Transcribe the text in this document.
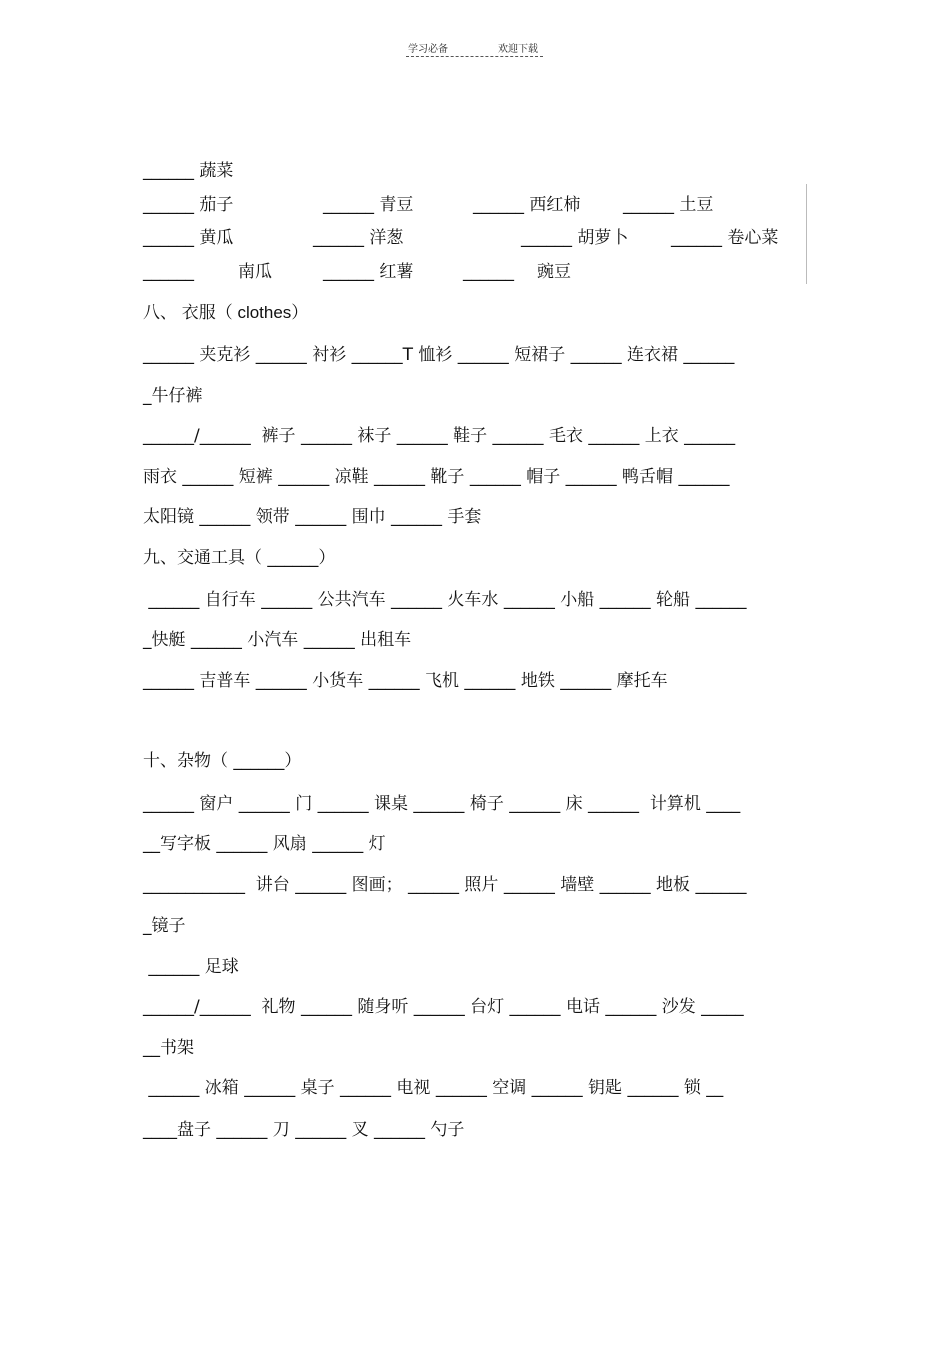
学习必备	欢迎下载
______ 蔬菜
______ 茄子	______ 青豆	______ 西红柿	______ 土豆
______ 黄瓜	______ 洋葱	______ 胡萝卜	______ 卷心菜
______	南瓜	______ 红薯	______ 豌豆
八、 衣服（ clothes）
______ 夹克衫 ______ 衬衫 ______T 恤衫 ______ 短裙子 ______ 连衣裙 ______
_牛仔裤
______/______  裤子 ______ 袜子 ______ 鞋子 ______ 毛衣 ______ 上衣 ______
雨衣 ______ 短裤 ______ 凉鞋 ______ 靴子 ______ 帽子 ______ 鸭舌帽 ______
太阳镜 ______ 领带 ______ 围巾 ______ 手套
九、交通工具（ ______）
______ 自行车 ______ 公共汽车 ______ 火车水 ______ 小船 ______ 轮船 ______
_快艇 ______ 小汽车 ______ 出租车
______ 吉普车 ______ 小货车 ______ 飞机 ______ 地铁 ______ 摩托车
十、杂物（ ______）
______ 窗户 ______ 门 ______ 课桌 ______ 椅子 ______ 床 ______  计算机 ____
__写字板 ______ 风扇 ______ 灯
____________  讲台 ______ 图画； ______ 照片 ______ 墙壁 ______ 地板 ______
_镜子
______ 足球
______/______  礼物 ______ 随身听 ______ 台灯 ______ 电话 ______ 沙发 _____
__书架
______ 冰箱 ______ 桌子 ______ 电视 ______ 空调 ______ 钥匙 ______ 锁 __
____盘子 ______ 刀 ______ 叉 ______ 勺子
